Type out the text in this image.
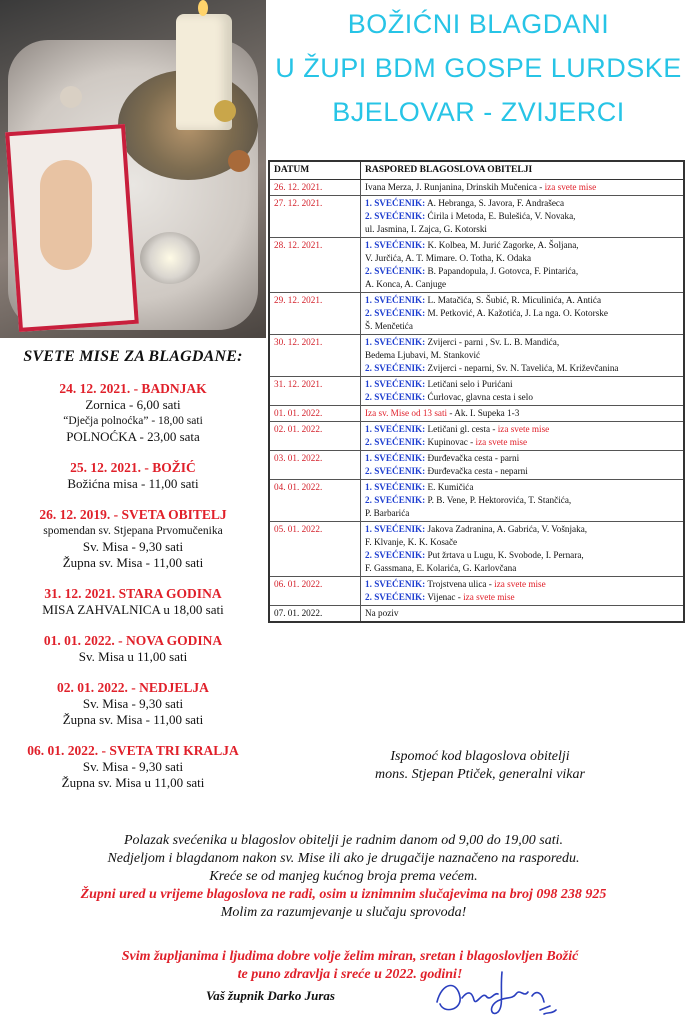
BOŽIĆNI BLAGDANI
U ŽUPI BDM GOSPE LURDSKE
BJELOVAR - ZVIJERCI
SVETE MISE ZA BLAGDANE:
24. 12. 2021. - BADNJAK
Zornica - 6,00 sati
“Dječja polnoćka” - 18,00 sati
POLNOĆKA - 23,00 sata
25. 12. 2021. - BOŽIĆ
Božićna misa - 11,00 sati
26. 12. 2019. - SVETA OBITELJ
spomendan sv. Stjepana Prvomučenika
Sv. Misa - 9,30 sati
Župna sv. Misa - 11,00 sati
31. 12. 2021. STARA GODINA
MISA ZAHVALNICA u 18,00 sati
01. 01. 2022. - NOVA GODINA
Sv. Misa u 11,00 sati
02. 01. 2022. - NEDJELJA
Sv. Misa - 9,30 sati
Župna sv. Misa - 11,00 sati
06. 01. 2022. - SVETA TRI KRALJA
Sv. Misa - 9,30 sati
Župna sv. Misa u 11,00 sati
DATUM	RASPORED BLAGOSLOVA OBITELJI
26. 12. 2021.	Ivana Merza, J. Runjanina, Drinskih Mučenica - iza svete mise

27. 12. 2021.	1. SVEĆENIK: A. Hebranga, S. Javora, F. Andrašeca
2. SVEĆENIK: Ćirila i Metoda, E. Bulešića, V. Novaka,
ul. Jasmina, I. Zajca, G. Kotorski

28. 12. 2021.	1. SVEĆENIK: K. Kolbea, M. Jurić Zagorke, A. Šoljana,
V. Jurčića, A. T. Mimare. O. Totha, K. Odaka
2. SVEĆENIK: B. Papandopula, J. Gotovca, F. Pintarića,
A. Konca, A. Canjuge

29. 12. 2021.	1. SVEĆENIK: L. Matačića, S. Šubić, R. Miculinića, A. Antića
2. SVEĆENIK: M. Petković, A. Kažotića, J. La nga. O. Kotorske
Š. Menčetića

30. 12. 2021.	1. SVEĆENIK: Zvijerci - parni , Sv. L. B. Mandića,
Bedema Ljubavi, M. Stanković
2. SVEĆENIK: Zvijerci - neparni, Sv. N. Tavelića, M. Križevčanina

31. 12. 2021.	1. SVEĆENIK: Letičani selo i Purićani
2. SVEĆENIK: Ćurlovac, glavna cesta i selo

01. 01. 2022.	Iza sv. Mise od 13 sati - Ak. I. Supeka 1-3

02. 01. 2022.	1. SVEĆENIK: Letičani gl. cesta - iza svete mise
2. SVEĆENIK: Kupinovac - iza svete mise

03. 01. 2022.	1. SVEĆENIK: Đurđevačka cesta - parni
2. SVEĆENIK: Đurđevačka cesta - neparni

04. 01. 2022.	1. SVEĆENIK: E. Kumičića
2. SVEĆENIK: P. B. Vene, P. Hektorovića, T. Stančića,
P. Barbarića

05. 01. 2022.	1. SVEĆENIK: Jakova Zadranina, A. Gabrića, V. Vošnjaka,
F. Klvanje, K. K. Kosače
2. SVEĆENIK: Put žrtava u Lugu, K. Svobode, I. Pernara,
F. Gassmana, E. Kolarića, G. Karlovčana

06. 01. 2022.	1. SVEĆENIK: Trojstvena ulica - iza svete mise
2. SVEĆENIK: Vijenac - iza svete mise

07. 01. 2022.	Na poziv
Ispomoć kod blagoslova obitelji
mons. Stjepan Ptiček, generalni vikar
Polazak svećenika u blagoslov obitelji je radnim danom od 9,00 do 19,00 sati.
Nedjeljom i blagdanom nakon sv. Mise ili ako je drugačije naznačeno na rasporedu.
Kreće se od manjeg kućnog broja prema većem.
Župni ured u vrijeme blagoslova ne radi, osim u iznimnim slučajevima na broj 098 238 925
Molim za razumjevanje u slučaju sprovoda!
Svim župljanima i ljudima dobre volje želim miran, sretan i blagoslovljen Božić
te puno zdravlja i sreće u 2022. godini!
Vaš župnik Darko Juras
